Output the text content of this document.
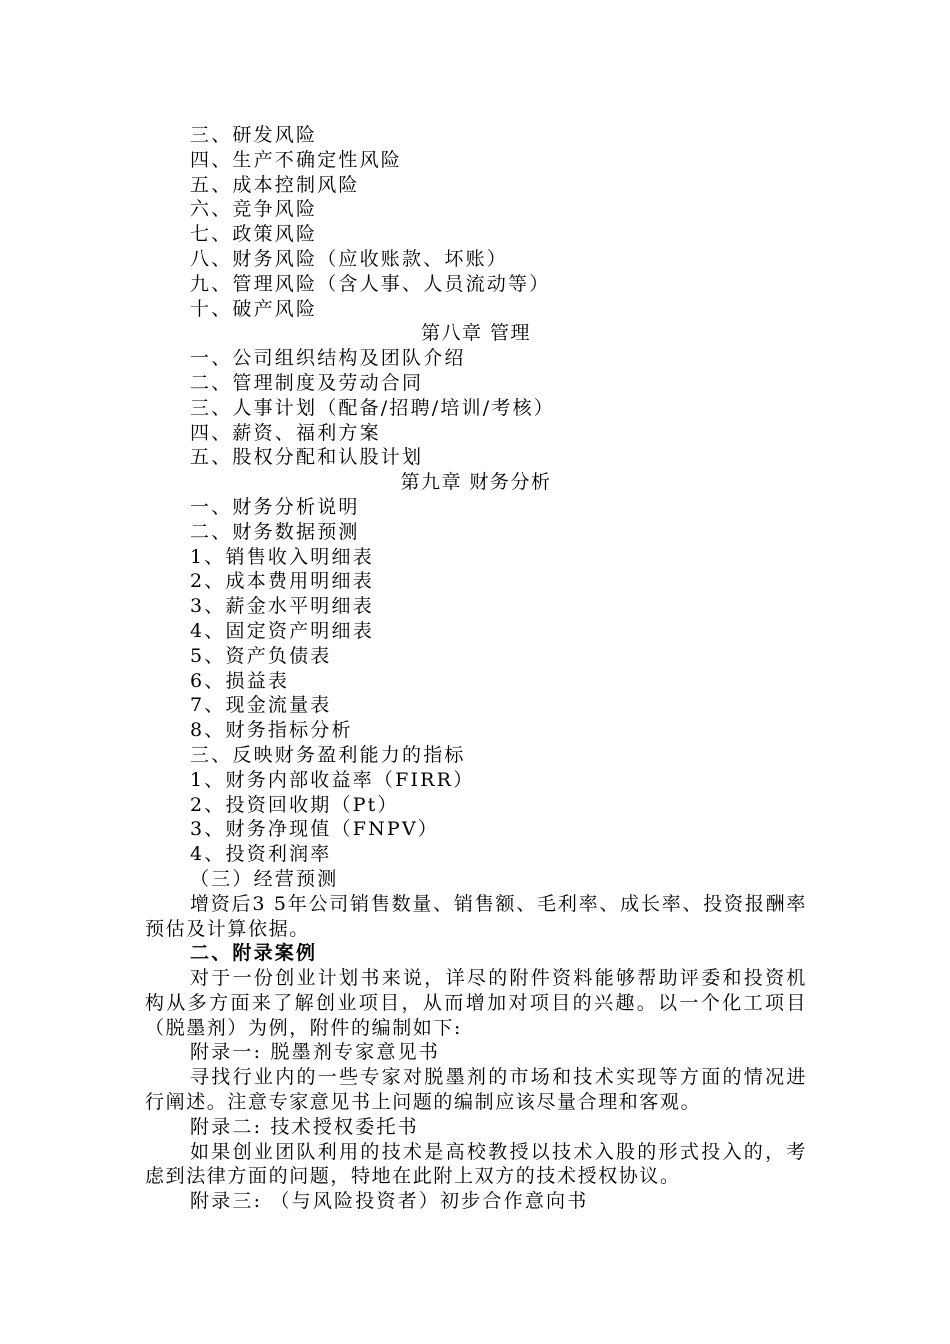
三、研发风险
四、生产不确定性风险
五、成本控制风险
六、竞争风险
七、政策风险
八、财务风险（应收账款、坏账）
九、管理风险（含人事、人员流动等）
十、破产风险
第八章 管理
一、公司组织结构及团队介绍
二、管理制度及劳动合同
三、人事计划（配备/招聘/培训/考核）
四、薪资、福利方案
五、股权分配和认股计划
第九章 财务分析
一、财务分析说明
二、财务数据预测
1、销售收入明细表
2、成本费用明细表
3、薪金水平明细表
4、固定资产明细表
5、资产负债表
6、损益表
7、现金流量表
8、财务指标分析
三、反映财务盈利能力的指标
1、财务内部收益率（FIRR）
2、投资回收期（Pt）
3、财务净现值（FNPV）
4、投资利润率
（三）经营预测

增资后3 5年公司销售数量、销售额、毛利率、成长率、投资报酬率预估及计算依据。

二、附录案例

对于一份创业计划书来说，详尽的附件资料能够帮助评委和投资机构从多方面来了解创业项目，从而增加对项目的兴趣。以一个化工项目（脱墨剂）为例，附件的编制如下:

附录一: 脱墨剂专家意见书

寻找行业内的一些专家对脱墨剂的市场和技术实现等方面的情况进行阐述。注意专家意见书上问题的编制应该尽量合理和客观。

附录二: 技术授权委托书

如果创业团队利用的技术是高校教授以技术入股的形式投入的，考虑到法律方面的问题，特地在此附上双方的技术授权协议。

附录三: （与风险投资者）初步合作意向书
